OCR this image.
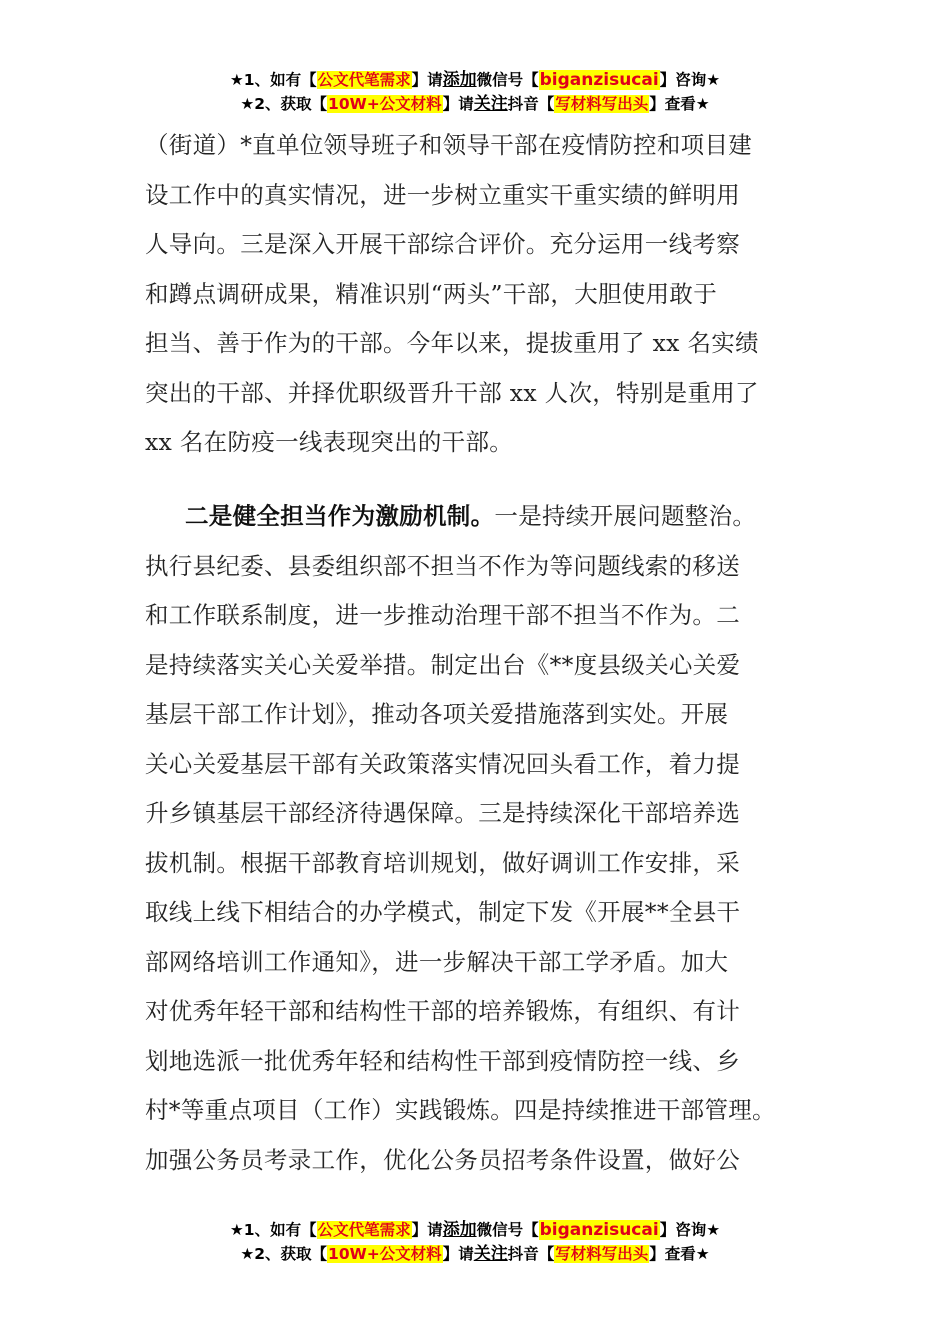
★1、如有【公文代笔需求】请添加微信号【biganzisucai】咨询★
★2、获取【10W+公文材料】请关注抖音【写材料写出头】查看★
（街道）*直单位领导班子和领导干部在疫情防控和项目建
设工作中的真实情况，进一步树立重实干重实绩的鲜明用
人导向。三是深入开展干部综合评价。充分运用一线考察
和蹲点调研成果，精准识别“两头”干部，大胆使用敢于
担当、善于作为的干部。今年以来，提拔重用了 xx 名实绩
突出的干部、并择优职级晋升干部 xx 人次，特别是重用了
xx 名在防疫一线表现突出的干部。
二是健全担当作为激励机制。一是持续开展问题整治。
执行县纪委、县委组织部不担当不作为等问题线索的移送
和工作联系制度，进一步推动治理干部不担当不作为。二
是持续落实关心关爱举措。制定出台《**度县级关心关爱
基层干部工作计划》，推动各项关爱措施落到实处。开展
关心关爱基层干部有关政策落实情况回头看工作，着力提
升乡镇基层干部经济待遇保障。三是持续深化干部培养选
拔机制。根据干部教育培训规划，做好调训工作安排，采
取线上线下相结合的办学模式，制定下发《开展**全县干
部网络培训工作通知》，进一步解决干部工学矛盾。加大
对优秀年轻干部和结构性干部的培养锻炼，有组织、有计
划地选派一批优秀年轻和结构性干部到疫情防控一线、乡
村*等重点项目（工作）实践锻炼。四是持续推进干部管理。
加强公务员考录工作，优化公务员招考条件设置，做好公
★1、如有【公文代笔需求】请添加微信号【biganzisucai】咨询★
★2、获取【10W+公文材料】请关注抖音【写材料写出头】查看★
